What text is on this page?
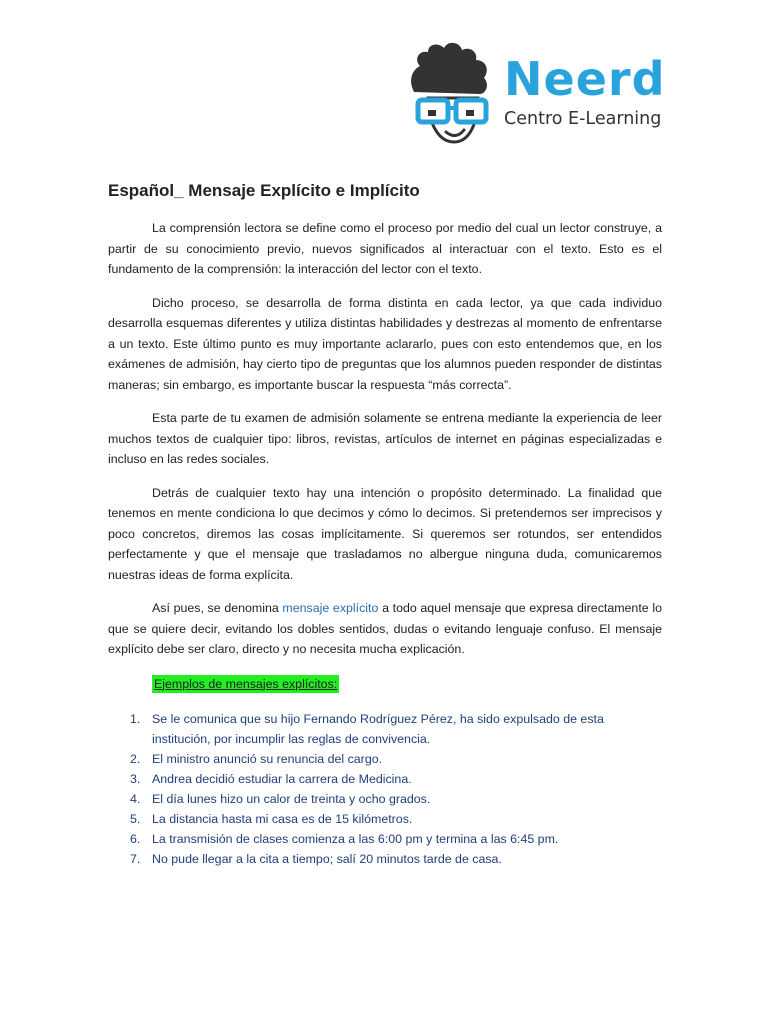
Neerd
Centro E-Learning
Español_ Mensaje Explícito e Implícito

La comprensión lectora se define como el proceso por medio del cual un lector construye, a partir de su conocimiento previo, nuevos significados al interactuar con el texto. Esto es el fundamento de la comprensión: la interacción del lector con el texto.

Dicho proceso, se desarrolla de forma distinta en cada lector, ya que cada individuo desarrolla esquemas diferentes y utiliza distintas habilidades y destrezas al momento de enfrentarse a un texto. Este último punto es muy importante aclararlo, pues con esto entendemos que, en los exámenes de admisión, hay cierto tipo de preguntas que los alumnos pueden responder de distintas maneras; sin embargo, es importante buscar la respuesta “más correcta”.

Esta parte de tu examen de admisión solamente se entrena mediante la experiencia de leer muchos textos de cualquier tipo: libros, revistas, artículos de internet en páginas especializadas e incluso en las redes sociales.

Detrás de cualquier texto hay una intención o propósito determinado. La finalidad que tenemos en mente condiciona lo que decimos y cómo lo decimos. Si pretendemos ser imprecisos y poco concretos, diremos las cosas implícitamente. Si queremos ser rotundos, ser entendidos perfectamente y que el mensaje que trasladamos no albergue ninguna duda, comunicaremos nuestras ideas de forma explícita.

Así pues, se denomina mensaje explícito a todo aquel mensaje que expresa directamente lo que se quiere decir, evitando los dobles sentidos, dudas o evitando lenguaje confuso. El mensaje explícito debe ser claro, directo y no necesita mucha explicación.

Ejemplos de mensajes explícitos:
1. Se le comunica que su hijo Fernando Rodríguez Pérez, ha sido expulsado de esta institución, por incumplir las reglas de convivencia.
2. El ministro anunció su renuncia del cargo.
3. Andrea decidió estudiar la carrera de Medicina.
4. El día lunes hizo un calor de treinta y ocho grados.
5. La distancia hasta mi casa es de 15 kilómetros.
6. La transmisión de clases comienza a las 6:00 pm y termina a las 6:45 pm.
7. No pude llegar a la cita a tiempo; salí 20 minutos tarde de casa.
